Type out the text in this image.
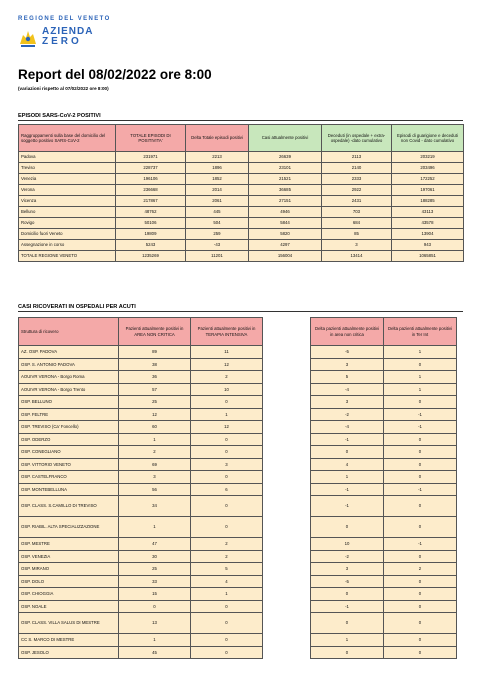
REGIONE DEL VENETO
AZIENDA
ZERO
Report del 08/02/2022 ore 8:00
(variazioni rispetto al 07/02/2022 ore 8:00)
EPISODI SARS-CoV-2 POSITIVI
Raggruppamenti sulla base del domicilio del soggetto positivo SARS-CoV-2	TOTALE EPISODI DI POSITIVITA'	Delta Totale episodi positivi	Casi attualmente positivi	Deceduti (in ospedale + extra-ospedale) -dato cumulativo	Episodi di guarigione e deceduti non Covid - dato cumulativo
Padova	231971	2213	26639	2113	203219
Treviso	228737	1896	23101	2140	203496
Venezia	196106	1852	21521	2333	172252
Verona	236668	2014	36685	2922	197061
Vicenza	217867	2061	27151	2431	188285
Belluno	48762	445	4946	703	43113
Rovigo	50106	504	5844	684	43578
Domicilio fuori Veneto	19809	259	5820	85	13904
Assegnazione in corso	5243	-43	4297	3	943
TOTALE REGIONE VENETO	1235269	11201	156004	13414	1065851
CASI RICOVERATI IN OSPEDALI PER ACUTI
Struttura di ricovero	Pazienti attualmente positivi in AREA NON CRITICA	Pazienti attualmente positivi in TERAPIA INTENSIVA
AZ. OSP. PADOVA	89	11
OSP. S. ANTONIO PADOVA	38	12
AOUIVR VERONA - Borgo Roma	36	2
AOUIVR VERONA - Borgo Trento	57	10
OSP. BELLUNO	25	0
OSP. FELTRE	12	1
OSP. TREVISO (Ca' Foncello)	60	12
OSP. ODERZO	1	0
OSP. CONEGLIANO	2	0
OSP. VITTORIO VENETO	69	3
OSP. CASTELFRANCO	3	0
OSP. MONTEBELLUNA	56	6
OSP. CLASS. S.CAMILLO DI TREVISO	34	0
OSP. RIABIL. ALTA SPECIALIZZAZIONE	1	0
OSP. MESTRE	47	2
OSP. VENEZIA	30	2
OSP. MIRANO	25	5
OSP. DOLO	33	4
OSP. CHIOGGIA	15	1
OSP. NOALE	0	0
OSP. CLASS. VILLA SALUS DI MESTRE	13	0
CC S. MARCO DI MESTRE	1	0
OSP. JESOLO	45	0
Delta pazienti attualmente positivi in area non critica	Delta pazienti attualmente positivi in Ter Int
-5	1
3	0
5	1
-4	1
3	0
-2	-1
-4	-1
-1	0
0	0
4	0
1	0
-1	-1
-1	0
0	0
10	-1
-2	0
3	2
-5	0
0	0
-1	0
0	0
1	0
0	0
